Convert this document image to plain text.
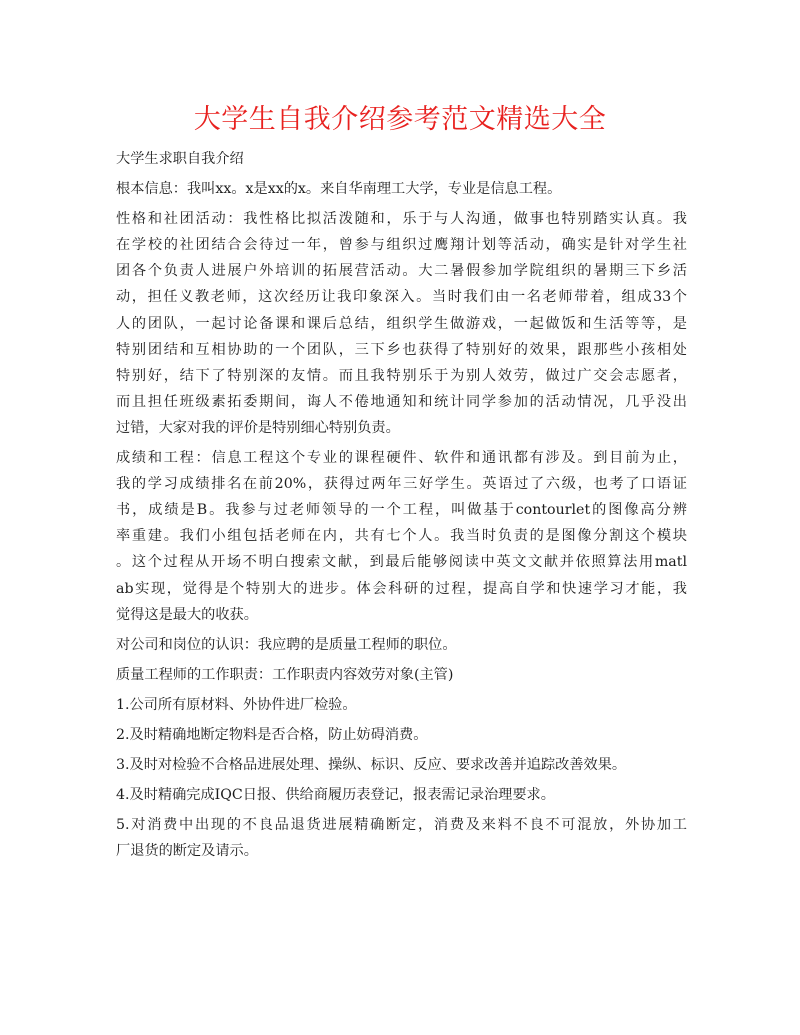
大学生自我介绍参考范文精选大全
大学生求职自我介绍
根本信息：我叫xx。x是xx的x。来自华南理工大学，专业是信息工程。
性格和社团活动：我性格比拟活泼随和，乐于与人沟通，做事也特别踏实认真。我
在学校的社团结合会待过一年，曾参与组织过鹰翔计划等活动，确实是针对学生社
团各个负责人进展户外培训的拓展营活动。大二暑假参加学院组织的暑期三下乡活
动，担任义教老师，这次经历让我印象深入。当时我们由一名老师带着，组成33个
人的团队，一起讨论备课和课后总结，组织学生做游戏，一起做饭和生活等等，是
特别团结和互相协助的一个团队，三下乡也获得了特别好的效果，跟那些小孩相处
特别好，结下了特别深的友情。而且我特别乐于为别人效劳，做过广交会志愿者，
而且担任班级素拓委期间，诲人不倦地通知和统计同学参加的活动情况，几乎没出
过错，大家对我的评价是特别细心特别负责。
成绩和工程：信息工程这个专业的课程硬件、软件和通讯都有涉及。到目前为止，
我的学习成绩排名在前20%，获得过两年三好学生。英语过了六级，也考了口语证
书，成绩是B。我参与过老师领导的一个工程，叫做基于contourlet的图像高分辨
率重建。我们小组包括老师在内，共有七个人。我当时负责的是图像分割这个模块
。这个过程从开场不明白搜索文献，到最后能够阅读中英文文献并依照算法用matl
ab实现，觉得是个特别大的进步。体会科研的过程，提高自学和快速学习才能，我
觉得这是最大的收获。
对公司和岗位的认识：我应聘的是质量工程师的职位。
质量工程师的工作职责：工作职责内容效劳对象(主管)
1.公司所有原材料、外协件进厂检验。
2.及时精确地断定物料是否合格，防止妨碍消费。
3.及时对检验不合格品进展处理、操纵、标识、反应、要求改善并追踪改善效果。
4.及时精确完成IQC日报、供给商履历表登记，报表需记录治理要求。
5.对消费中出现的不良品退货进展精确断定，消费及来料不良不可混放，外协加工
厂退货的断定及请示。
